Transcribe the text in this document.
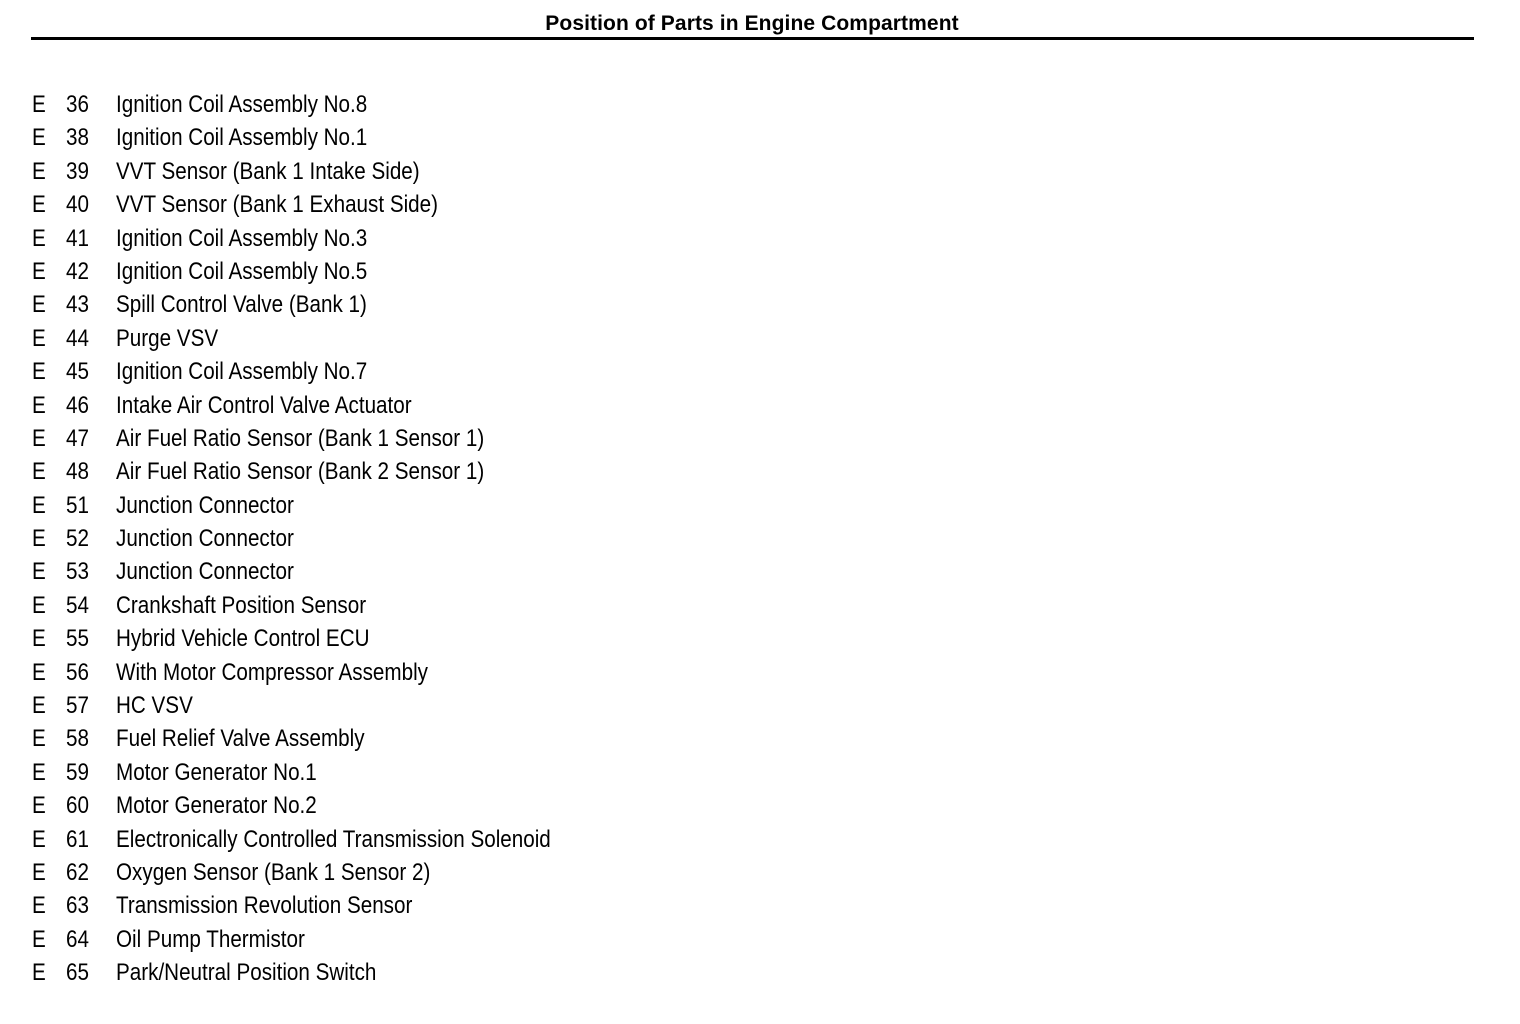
Position of Parts in Engine Compartment
E 36 Ignition Coil Assembly No.8
E 38 Ignition Coil Assembly No.1
E 39 VVT Sensor (Bank 1 Intake Side)
E 40 VVT Sensor (Bank 1 Exhaust Side)
E 41 Ignition Coil Assembly No.3
E 42 Ignition Coil Assembly No.5
E 43 Spill Control Valve (Bank 1)
E 44 Purge VSV
E 45 Ignition Coil Assembly No.7
E 46 Intake Air Control Valve Actuator
E 47 Air Fuel Ratio Sensor (Bank 1 Sensor 1)
E 48 Air Fuel Ratio Sensor (Bank 2 Sensor 1)
E 51 Junction Connector
E 52 Junction Connector
E 53 Junction Connector
E 54 Crankshaft Position Sensor
E 55 Hybrid Vehicle Control ECU
E 56 With Motor Compressor Assembly
E 57 HC VSV
E 58 Fuel Relief Valve Assembly
E 59 Motor Generator No.1
E 60 Motor Generator No.2
E 61 Electronically Controlled Transmission Solenoid
E 62 Oxygen Sensor (Bank 1 Sensor 2)
E 63 Transmission Revolution Sensor
E 64 Oil Pump Thermistor
E 65 Park/Neutral Position Switch
